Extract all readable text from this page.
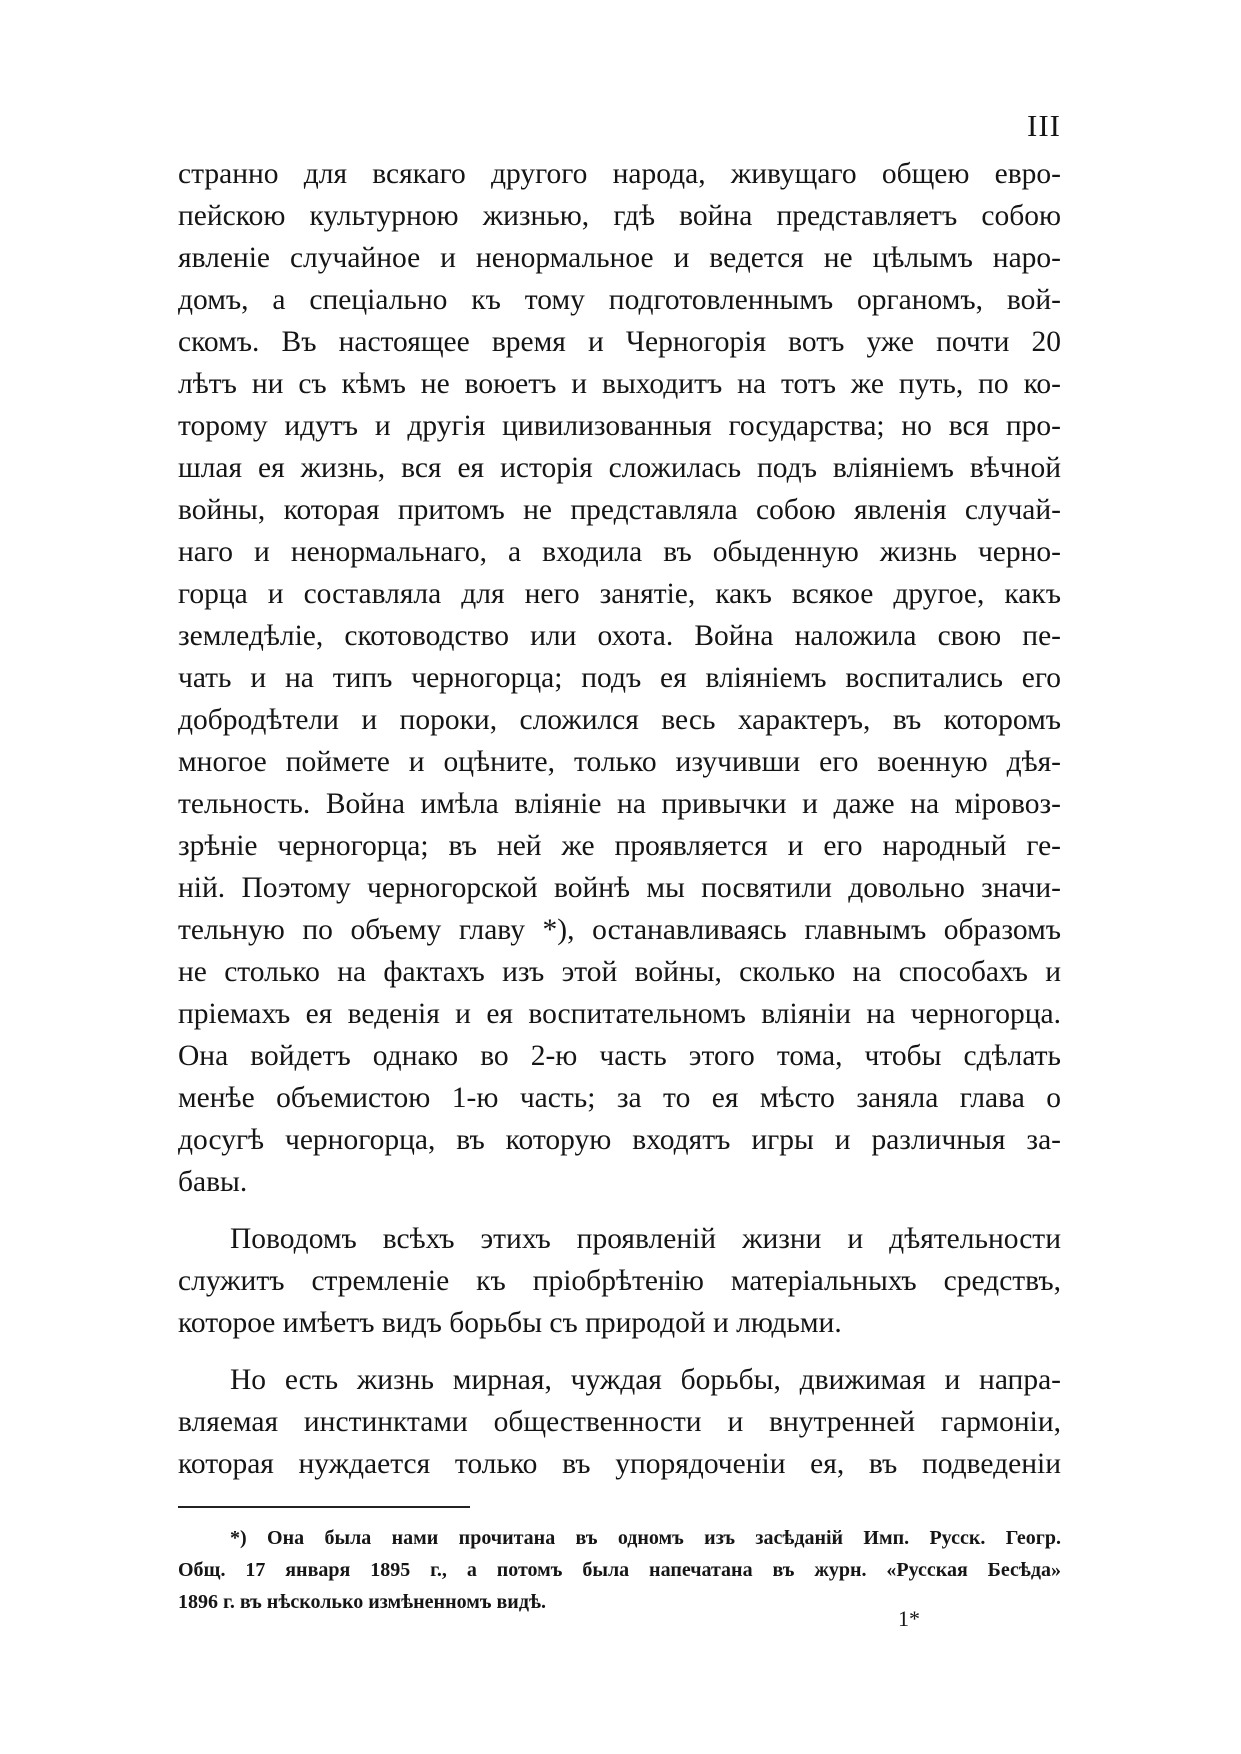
III
странно для всякаго другого народа, живущаго общею евро-
пейскою культурною жизнью, гдѣ война представляетъ собою
явленіе случайное и ненормальное и ведется не цѣлымъ наро-
домъ, а спеціально къ тому подготовленнымъ органомъ, вой-
скомъ. Въ настоящее время и Черногорія вотъ уже почти 20
лѣтъ ни съ кѣмъ не воюетъ и выходитъ на тотъ же путь, по ко-
торому идутъ и другія цивилизованныя государства; но вся про-
шлая ея жизнь, вся ея исторія сложилась подъ вліяніемъ вѣчной
войны, которая притомъ не представляла собою явленія случай-
наго и ненормальнаго, а входила въ обыденную жизнь черно-
горца и составляла для него занятіе, какъ всякое другое, какъ
земледѣліе, скотоводство или охота. Война наложила свою пе-
чать и на типъ черногорца; подъ ея вліяніемъ воспитались его
добродѣтели и пороки, сложился весь характеръ, въ которомъ
многое поймете и оцѣните, только изучивши его военную дѣя-
тельность. Война имѣла вліяніе на привычки и даже на міровоз-
зрѣніе черногорца; въ ней же проявляется и его народный ге-
ній. Поэтому черногорской войнѣ мы посвятили довольно значи-
тельную по объему главу *), останавливаясь главнымъ образомъ
не столько на фактахъ изъ этой войны, сколько на способахъ и
пріемахъ ея веденія и ея воспитательномъ вліяніи на черногорца.
Она войдетъ однако во 2-ю часть этого тома, чтобы сдѣлать
менѣе объемистою 1-ю часть; за то ея мѣсто заняла глава о
досугѣ черногорца, въ которую входятъ игры и различныя за-
бавы.
Поводомъ всѣхъ этихъ проявленій жизни и дѣятельности
служитъ стремленіе къ пріобрѣтенію матеріальныхъ средствъ,
которое имѣетъ видъ борьбы съ природой и людьми.
Но есть жизнь мирная, чуждая борьбы, движимая и напра-
вляемая инстинктами общественности и внутренней гармоніи,
которая нуждается только въ упорядоченіи ея, въ подведеніи
*) Она была нами прочитана въ одномъ изъ засѣданій Имп. Русск. Геогр.
Общ. 17 января 1895 г., а потомъ была напечатана въ журн. «Русская Бесѣда»
1896 г. въ нѣсколько измѣненномъ видѣ.
1*
